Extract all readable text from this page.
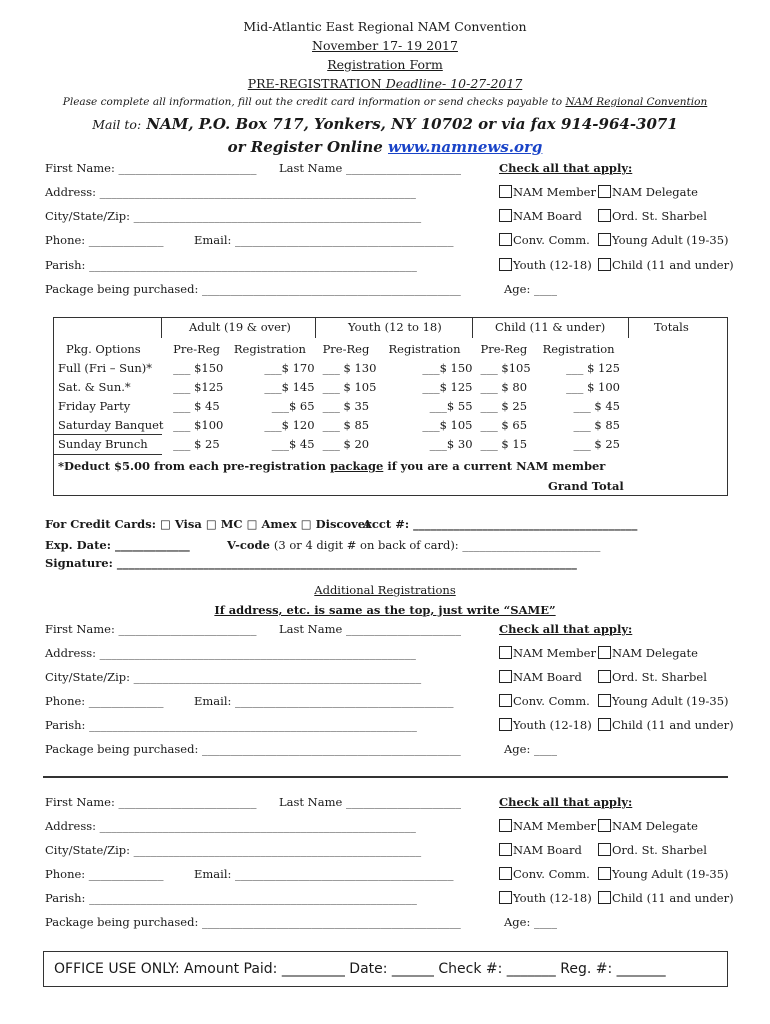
Mid-Atlantic East Regional NAM Convention
November 17- 19 2017
Registration Form
PRE-REGISTRATION Deadline- 10-27-2017
Please complete all information, fill out the credit card information or send checks payable to NAM Regional Convention
Mail to: NAM, P.O. Box 717, Yonkers, NY 10702 or via fax 914-964-3071
or Register Online www.namnews.org
First Name: ________________________ Last Name ____________________	Check all that apply:
Address: _______________________________________________________	NAM Member	NAM Delegate
City/State/Zip: __________________________________________________	NAM Board	Ord. St. Sharbel
Phone: _____________	Email: ______________________________________	Conv. Comm.	Young Adult (19-35)
Parish: _________________________________________________________	Youth (12-18)	Child (11 and under)
Package being purchased: _____________________________________________	Age: ____
Adult (19 & over)	Youth (12 to 18)	Child (11 & under)	Totals
Pkg. Options	Pre-Reg	Registration	Pre-Reg	Registration	Pre-Reg	Registration
Full (Fri – Sun)*	___ $150	___$ 170	___ $ 130	___$ 150	___ $105	___ $ 125
Sat. & Sun.*	___ $125	___$ 145	___ $ 105	___$ 125	___ $ 80	___ $ 100
Friday Party	___ $ 45	___$ 65	___ $ 35	___$ 55	___ $ 25	___ $ 45
Saturday Banquet	___ $100	___$ 120	___ $ 85	___$ 105	___ $ 65	___ $ 85
Sunday Brunch	___ $ 25	___$ 45	___ $ 20	___$ 30	___ $ 15	___ $ 25
*Deduct $5.00 from each pre-registration package if you are a current NAM member
Grand Total
For Credit Cards: □ Visa □ MC □ Amex □ Discover
Acct #: _______________________________________
Exp. Date: _____________	V-code (3 or 4 digit # on back of card): ________________________
Signature: ________________________________________________________________________________
Additional Registrations
If address, etc. is same as the top, just write “SAME”
First Name: ________________________ Last Name ____________________	Check all that apply:
Address: _______________________________________________________	NAM Member	NAM Delegate
City/State/Zip: __________________________________________________	NAM Board	Ord. St. Sharbel
Phone: _____________	Email: ______________________________________	Conv. Comm.	Young Adult (19-35)
Parish: _________________________________________________________	Youth (12-18)	Child (11 and under)
Package being purchased: _____________________________________________	Age: ____
First Name: ________________________ Last Name ____________________	Check all that apply:
Address: _______________________________________________________	NAM Member	NAM Delegate
City/State/Zip: __________________________________________________	NAM Board	Ord. St. Sharbel
Phone: _____________	Email: ______________________________________	Conv. Comm.	Young Adult (19-35)
Parish: _________________________________________________________	Youth (12-18)	Child (11 and under)
Package being purchased: _____________________________________________	Age: ____
OFFICE USE ONLY: Amount Paid: _________ Date: ______ Check #: _______ Reg. #: _______
